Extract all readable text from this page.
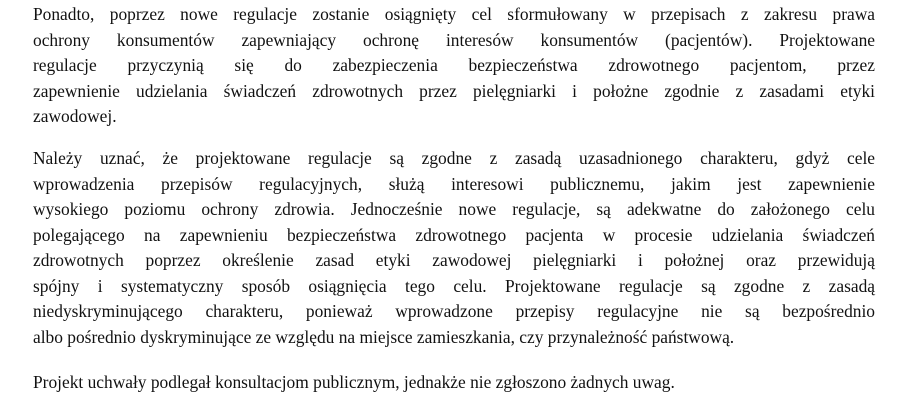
Ponadto, poprzez nowe regulacje zostanie osiągnięty cel sformułowany w przepisach z zakresu prawa
ochrony konsumentów zapewniający ochronę interesów konsumentów (pacjentów). Projektowane
regulacje przyczynią się do zabezpieczenia bezpieczeństwa zdrowotnego pacjentom, przez
zapewnienie udzielania świadczeń zdrowotnych przez pielęgniarki i położne zgodnie z zasadami etyki
zawodowej.
Należy uznać, że projektowane regulacje są zgodne z zasadą uzasadnionego charakteru, gdyż cele
wprowadzenia przepisów regulacyjnych, służą interesowi publicznemu, jakim jest zapewnienie
wysokiego poziomu ochrony zdrowia. Jednocześnie nowe regulacje, są adekwatne do założonego celu
polegającego na zapewnieniu bezpieczeństwa zdrowotnego pacjenta w procesie udzielania świadczeń
zdrowotnych poprzez określenie zasad etyki zawodowej pielęgniarki i położnej oraz przewidują
spójny i systematyczny sposób osiągnięcia tego celu. Projektowane regulacje są zgodne z zasadą
niedyskryminującego charakteru, ponieważ wprowadzone przepisy regulacyjne nie są bezpośrednio
albo pośrednio dyskryminujące ze względu na miejsce zamieszkania, czy przynależność państwową.
Projekt uchwały podlegał konsultacjom publicznym, jednakże nie zgłoszono żadnych uwag.
